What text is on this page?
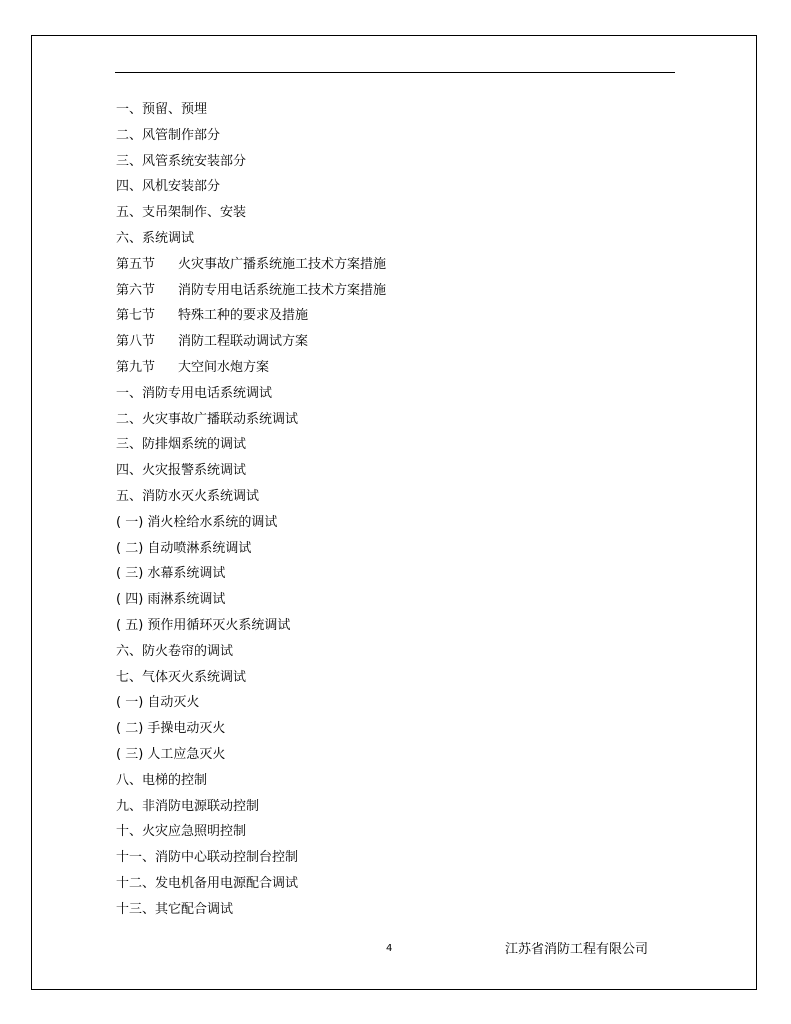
一、预留、预埋
二、风管制作部分
三、风管系统安装部分
四、风机安装部分
五、支吊架制作、安装
六、系统调试
第五节 火灾事故广播系统施工技术方案措施
第六节 消防专用电话系统施工技术方案措施
第七节 特殊工种的要求及措施
第八节 消防工程联动调试方案
第九节 大空间水炮方案
一、消防专用电话系统调试
二、火灾事故广播联动系统调试
三、防排烟系统的调试
四、火灾报警系统调试
五、消防水灭火系统调试
( 一) 消火栓给水系统的调试
( 二) 自动喷淋系统调试
( 三) 水幕系统调试
( 四) 雨淋系统调试
( 五) 预作用循环灭火系统调试
六、防火卷帘的调试
七、气体灭火系统调试
( 一) 自动灭火
( 二) 手操电动灭火
( 三) 人工应急灭火
八、电梯的控制
九、非消防电源联动控制
十、火灾应急照明控制
十一、消防中心联动控制台控制
十二、发电机备用电源配合调试
十三、其它配合调试
4	江苏省消防工程有限公司
